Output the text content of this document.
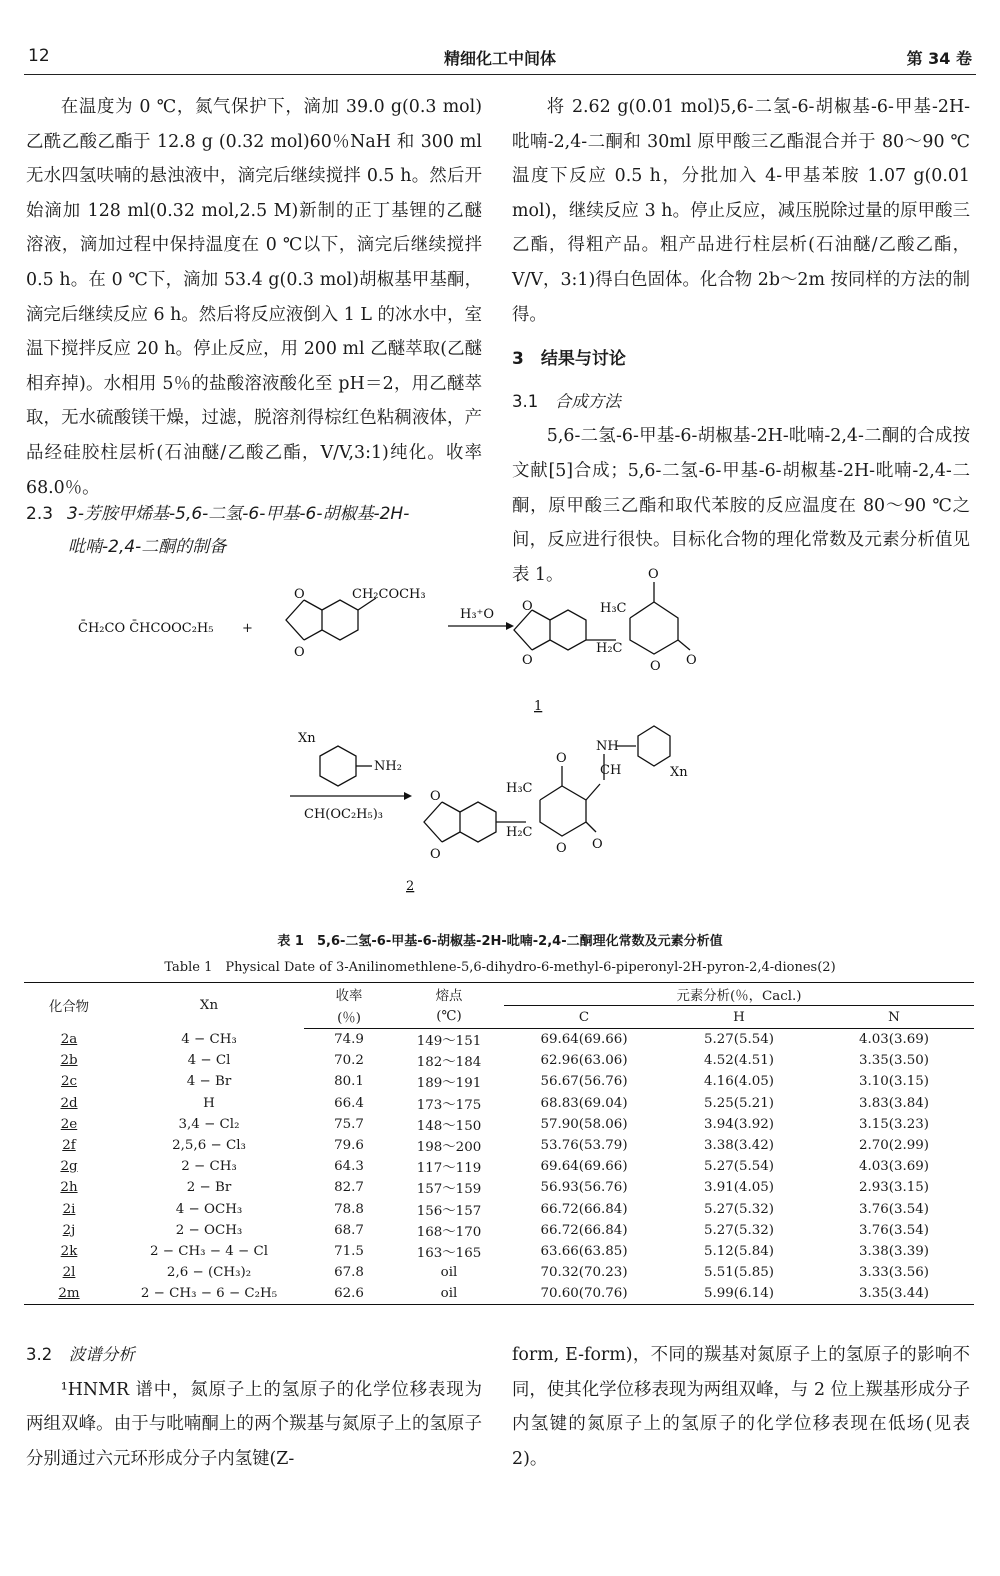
12	精细化工中间体	第 34 卷

在温度为 0 ℃，氮气保护下，滴加 39.0 g(0.3 mol)乙酰乙酸乙酯于 12.8 g (0.32 mol)60％NaH 和 300 ml 无水四氢呋喃的悬浊液中，滴完后继续搅拌 0.5 h。然后开始滴加 128 ml(0.32 mol,2.5 M)新制的正丁基锂的乙醚溶液，滴加过程中保持温度在 0 ℃以下，滴完后继续搅拌 0.5 h。在 0 ℃下，滴加 53.4 g(0.3 mol)胡椒基甲基酮，滴完后继续反应 6 h。然后将反应液倒入 1 L 的冰水中，室温下搅拌反应 20 h。停止反应，用 200 ml 乙醚萃取(乙醚相弃掉)。水相用 5％的盐酸溶液酸化至 pH＝2，用乙醚萃取，无水硫酸镁干燥，过滤，脱溶剂得棕红色粘稠液体，产品经硅胶柱层析(石油醚/乙酸乙酯，V/V,3:1)纯化。收率 68.0％。

2.3 3-芳胺甲烯基-5,6-二氢-6-甲基-6-胡椒基-2H-
吡喃-2,4-二酮的制备

将 2.62 g(0.01 mol)5,6-二氢-6-胡椒基-6-甲基-2H-吡喃-2,4-二酮和 30ml 原甲酸三乙酯混合并于 80～90 ℃温度下反应 0.5 h，分批加入 4-甲基苯胺 1.07 g(0.01 mol)，继续反应 3 h。停止反应，减压脱除过量的原甲酸三乙酯，得粗产品。粗产品进行柱层析(石油醚/乙酸乙酯，V/V，3:1)得白色固体。化合物 2b～2m 按同样的方法的制得。

3　结果与讨论
3.1　 合成方法

5,6-二氢-6-甲基-6-胡椒基-2H-吡喃-2,4-二酮的合成按文献[5]合成；5,6-二氢-6-甲基-6-胡椒基-2H-吡喃-2,4-二酮，原甲酸三乙酯和取代苯胺的反应温度在 80～90 ℃之间，反应进行很快。目标化合物的理化常数及元素分析值见表 1。

C̄H₂CO C̄HCOOC₂H₅ +
O
O
CH₂COCH₃
H₃⁺O
O
H₃C
H₂C
O O
O
O
1
Xn
NH₂
CH(OC₂H₅)₃
O
NH
CH	Xn
H₃C
H₂C
O O
O
O
2
表 1　5,6-二氢-6-甲基-6-胡椒基-2H-吡喃-2,4-二酮理化常数及元素分析值
Table 1　Physical Date of 3-Anilinomethlene-5,6-dihydro-6-methyl-6-piperonyl-2H-pyron-2,4-diones(2)
化合物	Xn	收率	熔点	元素分析(％，Cacl.)		
		(％)	(℃)	C	H	N
2a	4 − CH₃	74.9	149～151	69.64(69.66)	5.27(5.54)	4.03(3.69)
2b	4 − Cl	70.2	182～184	62.96(63.06)	4.52(4.51)	3.35(3.50)
2c	4 − Br	80.1	189～191	56.67(56.76)	4.16(4.05)	3.10(3.15)
2d	H	66.4	173～175	68.83(69.04)	5.25(5.21)	3.83(3.84)
2e	3,4 − Cl₂	75.7	148～150	57.90(58.06)	3.94(3.92)	3.15(3.23)
2f	2,5,6 − Cl₃	79.6	198～200	53.76(53.79)	3.38(3.42)	2.70(2.99)
2g	2 − CH₃	64.3	117～119	69.64(69.66)	5.27(5.54)	4.03(3.69)
2h	2 − Br	82.7	157～159	56.93(56.76)	3.91(4.05)	2.93(3.15)
2i	4 − OCH₃	78.8	156～157	66.72(66.84)	5.27(5.32)	3.76(3.54)
2j	2 − OCH₃	68.7	168～170	66.72(66.84)	5.27(5.32)	3.76(3.54)
2k	2 − CH₃ − 4 − Cl	71.5	163～165	63.66(63.85)	5.12(5.84)	3.38(3.39)
2l	2,6 − (CH₃)₂	67.8	oil	70.32(70.23)	5.51(5.85)	3.33(3.56)
2m	2 − CH₃ − 6 − C₂H₅	62.6	oil	70.60(70.76)	5.99(6.14)	3.35(3.44)
3.2　 波谱分析

¹HNMR 谱中，氮原子上的氢原子的化学位移表现为两组双峰。由于与吡喃酮上的两个羰基与氮原子上的氢原子分别通过六元环形成分子内氢键(Z-

form, E-form)，不同的羰基对氮原子上的氢原子的影响不同，使其化学位移表现为两组双峰，与 2 位上羰基形成分子内氢键的氮原子上的氢原子的化学位移表现在低场(见表 2)。
